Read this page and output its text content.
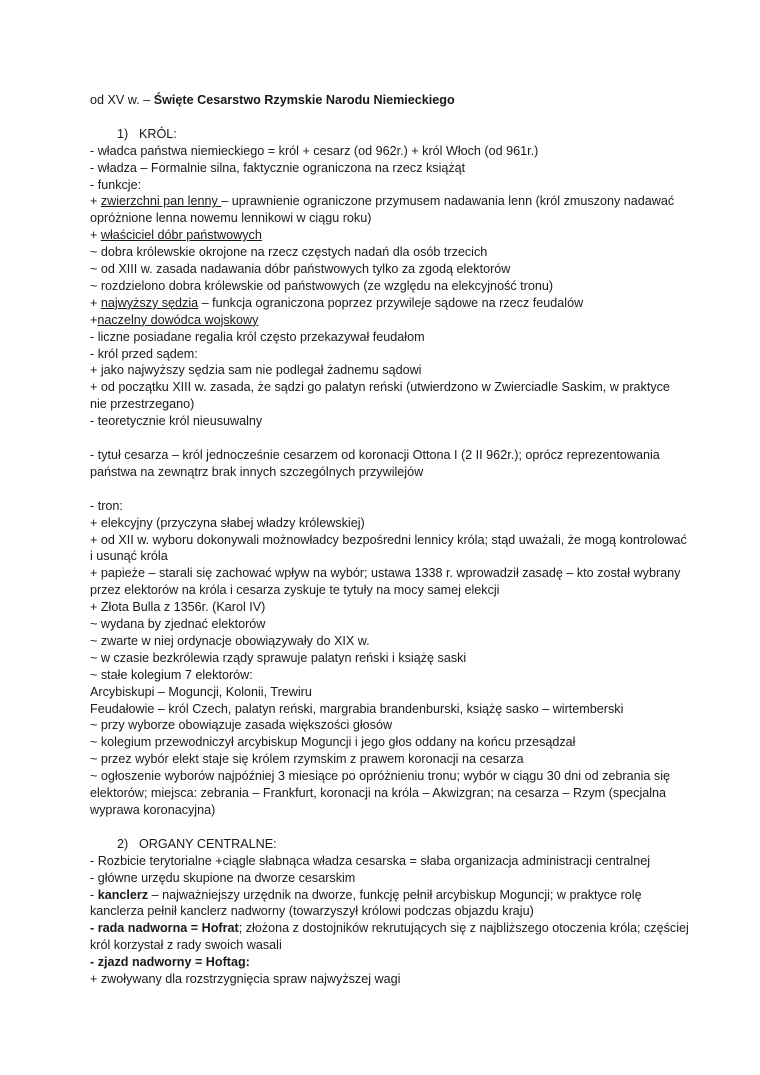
od XV w. – Święte Cesarstwo Rzymskie Narodu Niemieckiego
1) KRÓL:
- władca państwa niemieckiego = król + cesarz (od 962r.) + król Włoch (od 961r.)
- władza – Formalnie silna, faktycznie ograniczona na rzecz książąt
- funkcje:
+ zwierzchni pan lenny – uprawnienie ograniczone przymusem nadawania lenn (król zmuszony nadawać opróżnione lenna nowemu lennikowi w ciągu roku)
+ właściciel dóbr państwowych
~ dobra królewskie okrojone na rzecz częstych nadań dla osób trzecich
~ od XIII w. zasada nadawania dóbr państwowych tylko za zgodą elektorów
~ rozdzielono dobra królewskie od państwowych (ze względu na elekcyjność tronu)
+ najwyższy sędzia – funkcja ograniczona poprzez przywileje sądowe na rzecz feudalów
+naczelny dowódca wojskowy
- liczne posiadane regalia król często przekazywał feudałom
- król przed sądem:
+ jako najwyższy sędzia sam nie podlegał żadnemu sądowi
+ od początku XIII w. zasada, że sądzi go palatyn reński (utwierdzono w Zwierciadle Saskim, w praktyce nie przestrzegano)
- teoretycznie król nieusuwalny
- tytuł cesarza – król jednocześnie cesarzem od koronacji Ottona I (2 II 962r.); oprócz reprezentowania państwa na zewnątrz brak innych szczególnych przywilejów
- tron:
+ elekcyjny (przyczyna słabej władzy królewskiej)
+ od XII w. wyboru dokonywali możnowładcy bezpośredni lennicy króla; stąd uważali, że mogą kontrolować i usunąć króla
+ papieże – starali się zachować wpływ na wybór; ustawa 1338 r. wprowadził zasadę – kto został wybrany przez elektorów na króla i cesarza zyskuje te tytuły na mocy samej elekcji
+ Złota Bulla z 1356r. (Karol IV)
~ wydana by zjednać elektorów
~ zwarte w niej ordynacje obowiązywały do XIX w.
~ w czasie bezkrólewia rządy sprawuje palatyn reński i książę saski
~ stałe kolegium 7 elektorów:
Arcybiskupi – Moguncji, Kolonii, Trewiru
Feudałowie – król Czech, palatyn reński, margrabia brandenburski, książę sasko – wirtemberski
~ przy wyborze obowiązuje zasada większości głosów
~ kolegium przewodniczył arcybiskup Moguncji i jego głos oddany na końcu przesądzał
~ przez wybór elekt staje się królem rzymskim z prawem koronacji na cesarza
~ ogłoszenie wyborów najpóźniej 3 miesiące po opróżnieniu tronu; wybór w ciągu 30 dni od zebrania się elektorów; miejsca: zebrania – Frankfurt, koronacji na króla – Akwizgran; na cesarza – Rzym (specjalna wyprawa koronacyjna)
2) ORGANY CENTRALNE:
- Rozbicie terytorialne +ciągle słabnąca władza cesarska = słaba organizacja administracji centralnej
- główne urzędu skupione na dworze cesarskim
- kanclerz – najważniejszy urzędnik na dworze, funkcję pełnił arcybiskup Moguncji; w praktyce rolę kanclerza pełnił kanclerz nadworny (towarzyszył królowi podczas objazdu kraju)
- rada nadworna = Hofrat; złożona z dostojników rekrutujących się z najbliższego otoczenia króla; częściej król korzystał z rady swoich wasali
- zjazd nadworny = Hoftag:
+ zwoływany dla rozstrzygnięcia spraw najwyższej wagi
